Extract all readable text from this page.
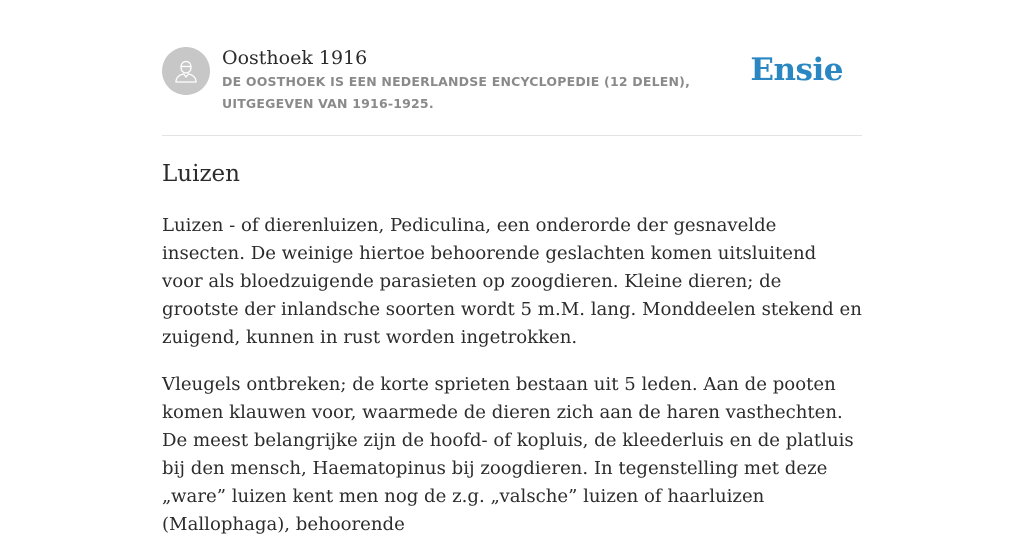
Oosthoek 1916
DE OOSTHOEK IS EEN NEDERLANDSE ENCYCLOPEDIE (12 DELEN), UITGEGEVEN VAN 1916-1925.
Ensie
Luizen

Luizen - of dierenluizen, Pediculina, een onderorde der gesnavelde insecten. De weinige hiertoe behoorende geslachten komen uitsluitend voor als bloedzuigende parasieten op zoogdieren. Kleine dieren; de grootste der inlandsche soorten wordt 5 m.M. lang. Monddeelen stekend en zuigend, kunnen in rust worden ingetrokken.

Vleugels ontbreken; de korte sprieten bestaan uit 5 leden. Aan de pooten komen klauwen voor, waarmede de dieren zich aan de haren vasthechten. De meest belangrijke zijn de hoofd- of kopluis, de kleederluis en de platluis bij den mensch, Haematopinus bij zoogdieren. In tegenstelling met deze „ware” luizen kent men nog de z.g. „valsche” luizen of haarluizen (Mallophaga), behoorende
